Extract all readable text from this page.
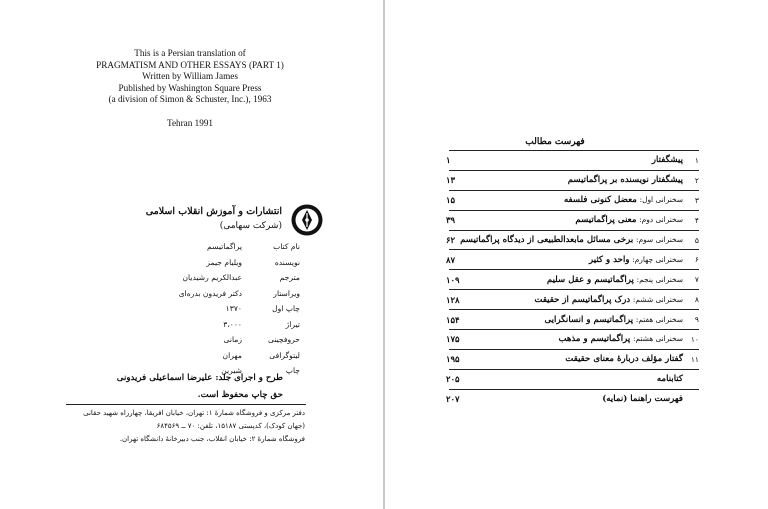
This is a Persian translation of
PRAGMATISM AND OTHER ESSAYS (PART 1)
Written by William James
Published by Washington Square Press
(a division of Simon & Schuster, Inc.), 1963
Tehran 1991
انتشارات و آموزش انقلاب اسلامی
(شرکت سهامی)
نام کتاب
پراگماتیسم
نویسنده
ویلیام جیمز
مترجم
عبدالکریم رشیدیان
ویراستار
دکتر فریدون بدره‌ای
چاپ اول
۱۳۷۰
تیراژ
۳،۰۰۰
حروفچینی
زمانی
لیتوگرافی
مهران
چاپ
شیرین
طرح و اجرای جلد: علیرضا اسماعیلی فریدونی
حق چاپ محفوظ است.
دفتر مرکزی و فروشگاه شمارهٔ ۱: تهران، خیابان افریقا، چهارراه شهید حقانی
(جهان کودک)، کدپستی ۱۵۱۸۷، تلفن: ۷۰ ــ ۶۸۴۵۶۹
فروشگاه شمارهٔ ۲: خیابان انقلاب، جنب دبیرخانهٔ دانشگاه تهران.
فهرست مطالب
۱
پیشگفتار
۱
۲
پیشگفتار نویسنده بر پراگماتیسم
۱۳
۳
سخنرانی اول: معضل کنونی فلسفه
۱۵
۴
سخنرانی دوم: معنی پراگماتیسم
۳۹
۵
سخنرانی سوم: برخی مسائل مابعدالطبیعی از دیدگاه پراگماتیسم
۶۲
۶
سخنرانی چهارم: واحد و کثیر
۸۷
۷
سخنرانی پنجم: پراگماتیسم و عقل سلیم
۱۰۹
۸
سخنرانی ششم: درک پراگماتیسم از حقیقت
۱۲۸
۹
سخنرانی هفتم: پراگماتیسم و انسانگرایی
۱۵۴
۱۰
سخنرانی هشتم: پراگماتیسم و مذهب
۱۷۵
۱۱
گفتار مؤلف دربارهٔ معنای حقیقت
۱۹۵
کتابنامه
۲۰۵
فهرست راهنما (نمایه)
۲۰۷
